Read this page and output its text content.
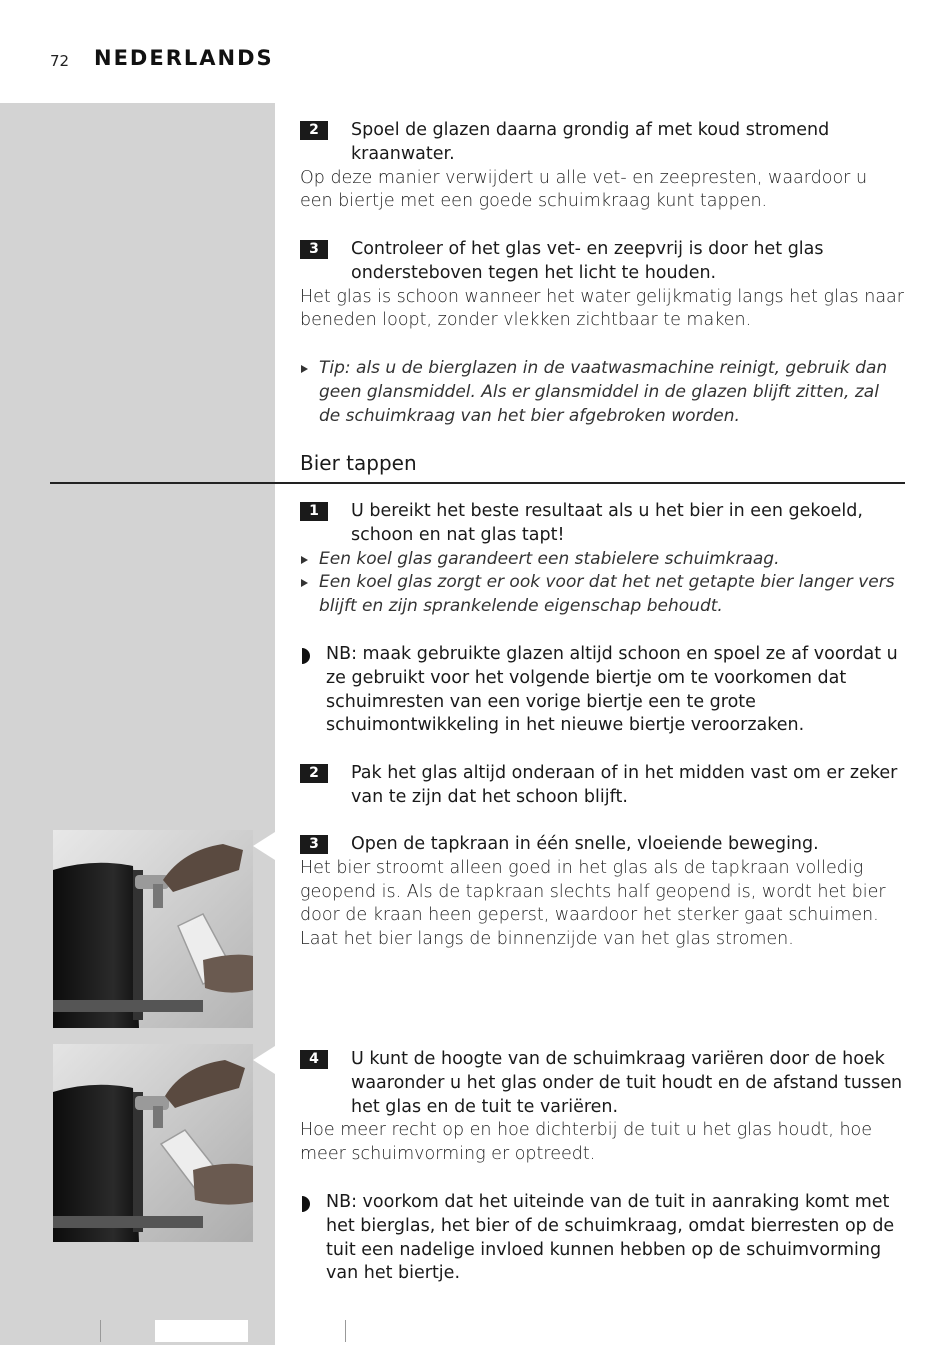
72 NEDERLANDS
2	Spoel de glazen daarna grondig af met koud stromend kraanwater.
Op deze manier verwijdert u alle vet- en zeepresten, waardoor u een biertje met een goede schuimkraag kunt tappen.
3	Controleer of het glas vet- en zeepvrij is door het glas ondersteboven tegen het licht te houden.
Het glas is schoon wanneer het water gelijkmatig langs het glas naar beneden loopt, zonder vlekken zichtbaar te maken.
Tip: als u de bierglazen in de vaatwasmachine reinigt, gebruik dan geen glansmiddel. Als er glansmiddel in de glazen blijft zitten, zal de schuimkraag van het bier afgebroken worden.
Bier tappen
1	U bereikt het beste resultaat als u het bier in een gekoeld, schoon en nat glas tapt!
Een koel glas garandeert een stabielere schuimkraag.
Een koel glas zorgt er ook voor dat het net getapte bier langer vers blijft en zijn sprankelende eigenschap behoudt.
NB: maak gebruikte glazen altijd schoon en spoel ze af voordat u ze gebruikt voor het volgende biertje om te voorkomen dat schuimresten van een vorige biertje een te grote schuimontwikkeling in het nieuwe biertje veroorzaken.
2	Pak het glas altijd onderaan of in het midden vast om er zeker van te zijn dat het schoon blijft.
3	Open de tapkraan in één snelle, vloeiende beweging.
Het bier stroomt alleen goed in het glas als de tapkraan volledig geopend is. Als de tapkraan slechts half geopend is, wordt het bier door de kraan heen geperst, waardoor het sterker gaat schuimen.
Laat het bier langs de binnenzijde van het glas stromen.
4	U kunt de hoogte van de schuimkraag variëren door de hoek waaronder u het glas onder de tuit houdt en de afstand tussen het glas en de tuit te variëren.
Hoe meer recht op en hoe dichterbij de tuit u het glas houdt, hoe meer schuimvorming er optreedt.
NB: voorkom dat het uiteinde van de tuit in aanraking komt met het bierglas, het bier of de schuimkraag, omdat bierresten op de tuit een nadelige invloed kunnen hebben op de schuimvorming van het biertje.
